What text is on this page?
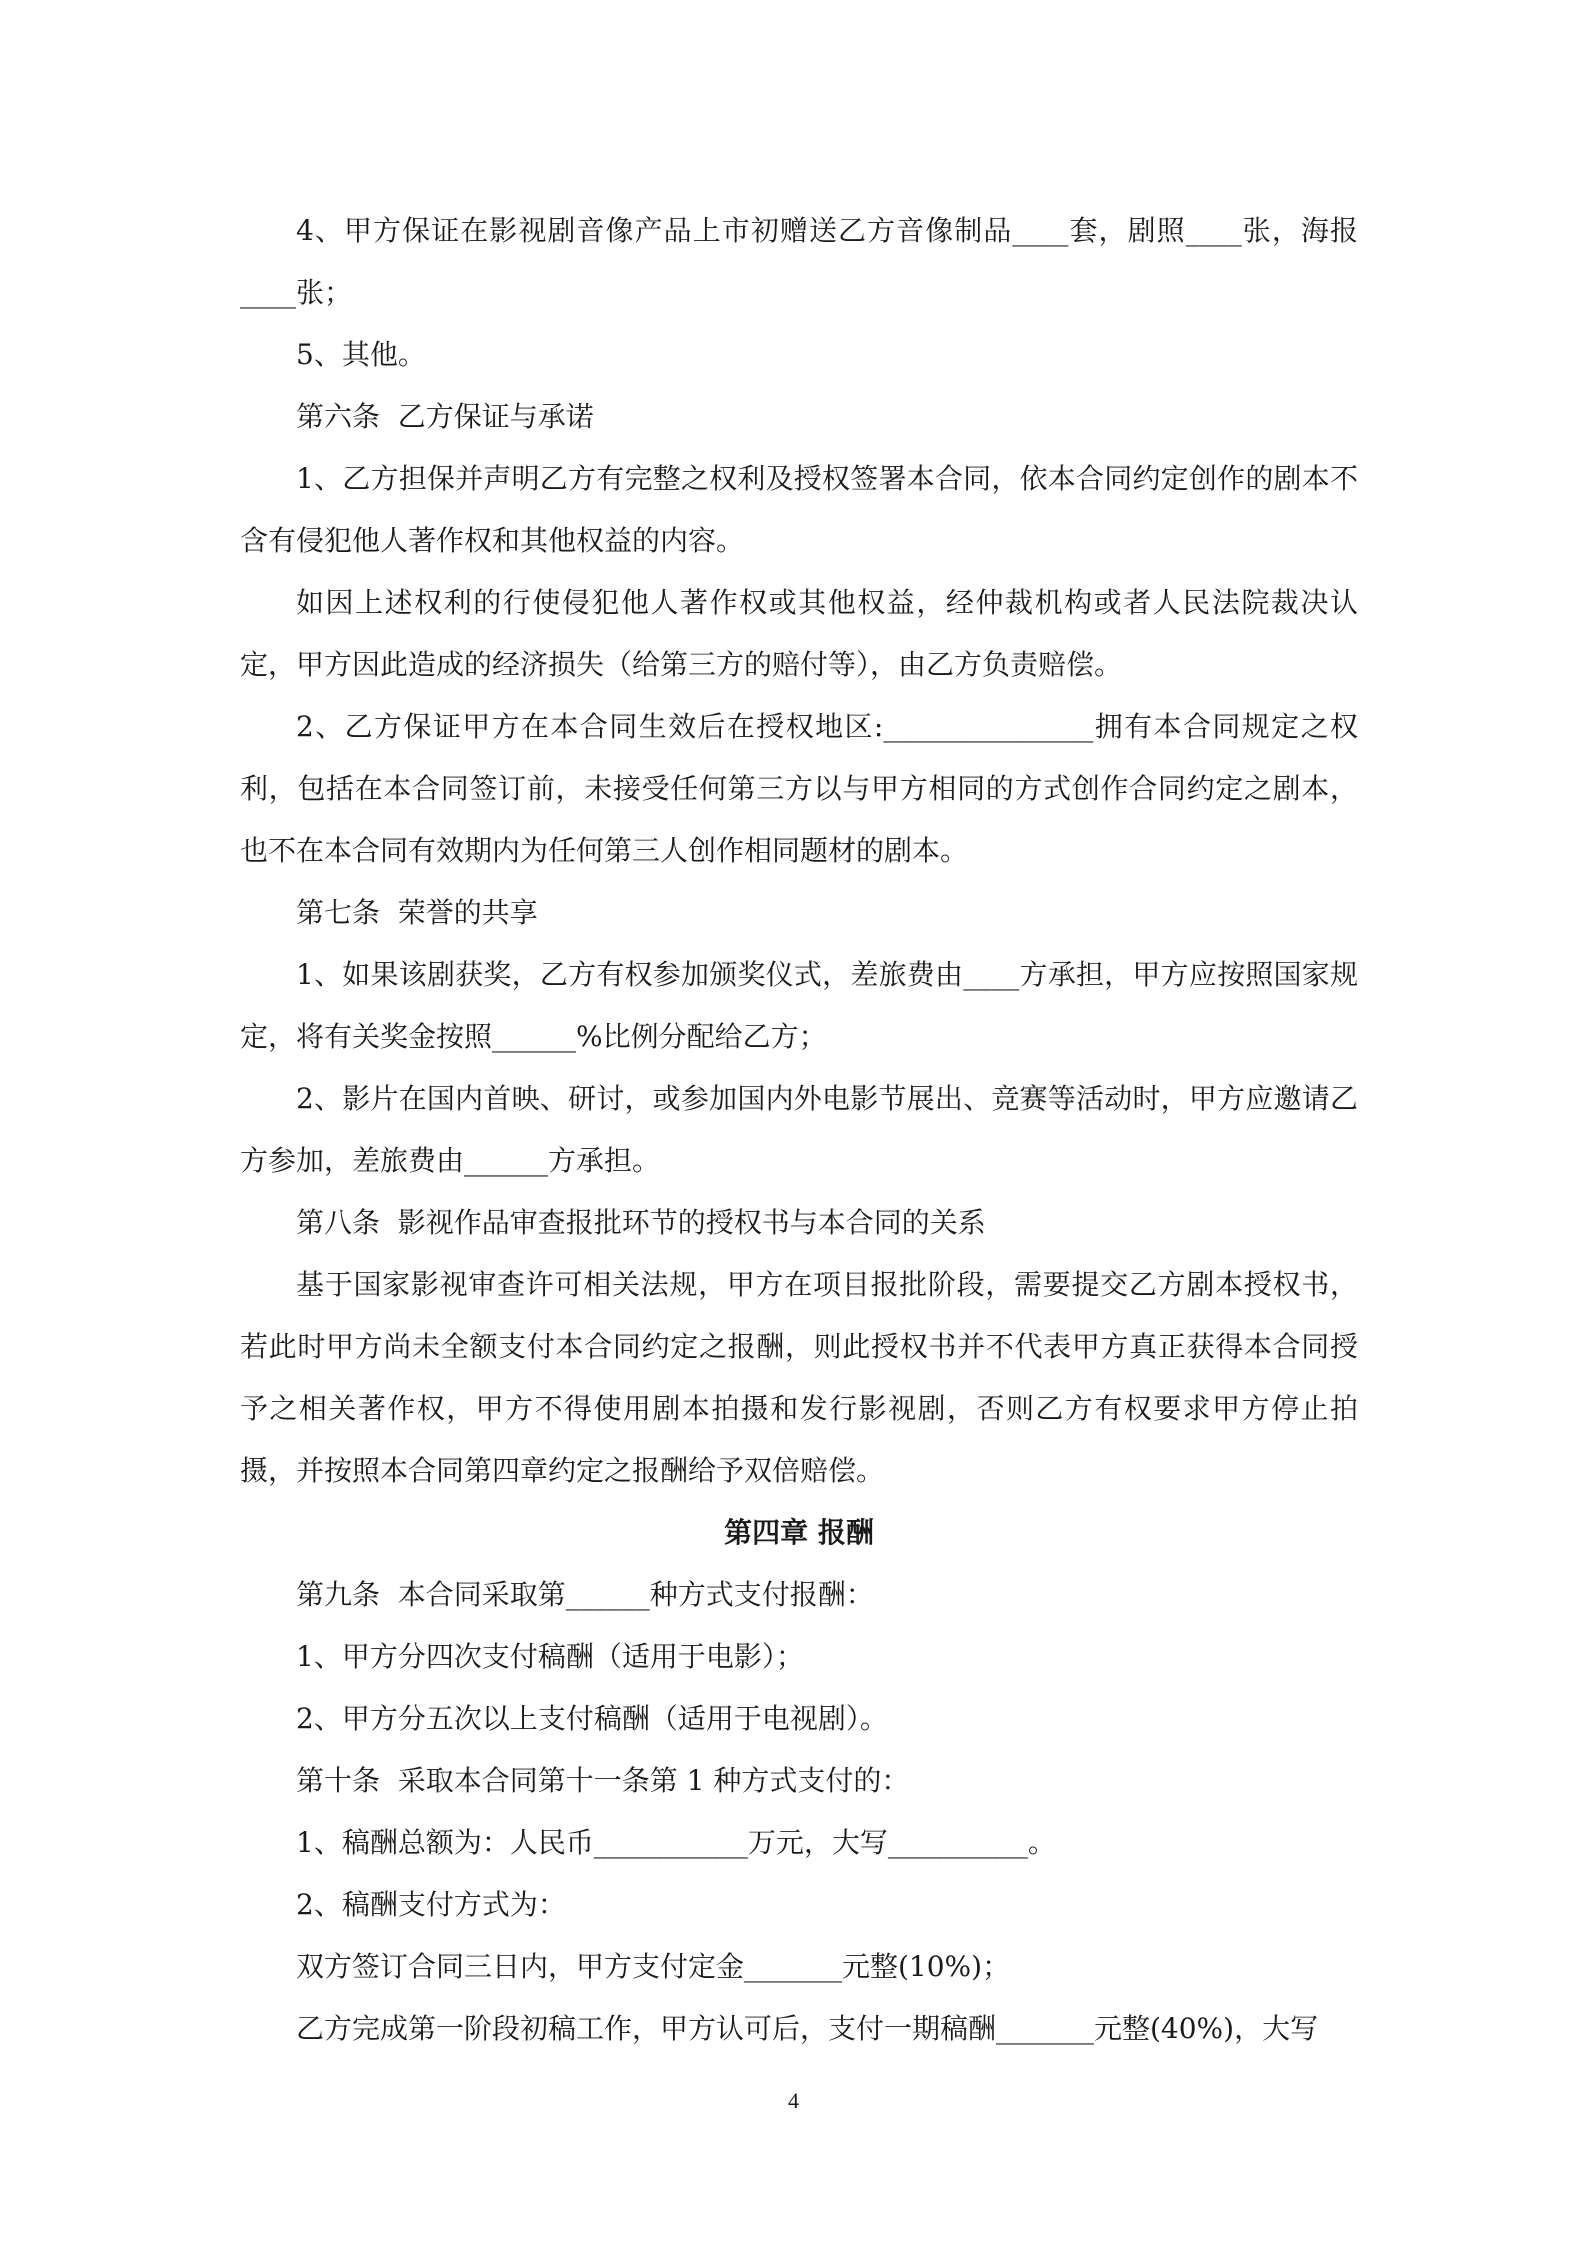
4、甲方保证在影视剧音像产品上市初赠送乙方音像制品____套，剧照____张，海报____张；

5、其他。

第六条  乙方保证与承诺

1、乙方担保并声明乙方有完整之权利及授权签署本合同，依本合同约定创作的剧本不含有侵犯他人著作权和其他权益的内容。

如因上述权利的行使侵犯他人著作权或其他权益，经仲裁机构或者人民法院裁决认定，甲方因此造成的经济损失（给第三方的赔付等），由乙方负责赔偿。

2、乙方保证甲方在本合同生效后在授权地区:_______________拥有本合同规定之权利，包括在本合同签订前，未接受任何第三方以与甲方相同的方式创作合同约定之剧本，也不在本合同有效期内为任何第三人创作相同题材的剧本。

第七条  荣誉的共享

1、如果该剧获奖，乙方有权参加颁奖仪式，差旅费由____方承担，甲方应按照国家规定，将有关奖金按照______%比例分配给乙方；

2、影片在国内首映、研讨，或参加国内外电影节展出、竞赛等活动时，甲方应邀请乙方参加，差旅费由______方承担。

第八条  影视作品审查报批环节的授权书与本合同的关系

基于国家影视审查许可相关法规，甲方在项目报批阶段，需要提交乙方剧本授权书，若此时甲方尚未全额支付本合同约定之报酬，则此授权书并不代表甲方真正获得本合同授予之相关著作权，甲方不得使用剧本拍摄和发行影视剧，否则乙方有权要求甲方停止拍摄，并按照本合同第四章约定之报酬给予双倍赔偿。

第四章 报酬

第九条  本合同采取第______种方式支付报酬：

1、甲方分四次支付稿酬（适用于电影）；

2、甲方分五次以上支付稿酬（适用于电视剧）。

第十条  采取本合同第十一条第 1 种方式支付的：

1、稿酬总额为：人民币___________万元，大写__________。

2、稿酬支付方式为：

双方签订合同三日内，甲方支付定金_______元整(10%)；

乙方完成第一阶段初稿工作，甲方认可后，支付一期稿酬_______元整(40%)，大写

4
